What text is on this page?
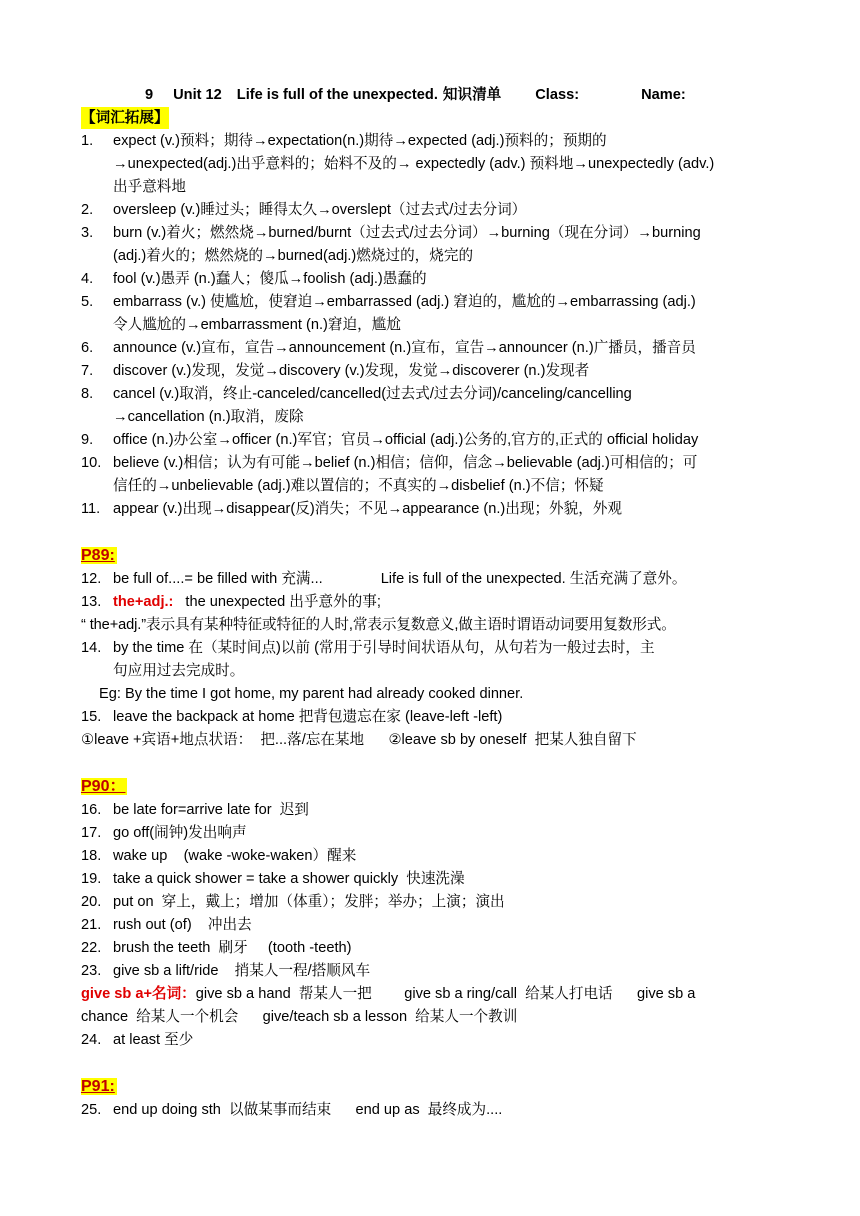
9 Unit 12 Life is full of the unexpected. 知识清单 Class:	Name:
【词汇拓展】
1. expect (v.)预料；期待→expectation(n.)期待→expected (adj.)预料的；预期的
→unexpected(adj.)出乎意料的；始料不及的→ expectedly (adv.) 预料地→unexpectedly (adv.)
出乎意料地
2. oversleep (v.)睡过头；睡得太久→overslept（过去式/过去分词）
3. burn (v.)着火；燃然烧→burned/burnt（过去式/过去分词）→burning（现在分词）→burning
(adj.)着火的；燃然烧的→burned(adj.)燃烧过的，烧完的
4. fool (v.)愚弄 (n.)蠢人；傻瓜→foolish (adj.)愚蠢的
5. embarrass (v.) 使尴尬，使窘迫→embarrassed (adj.) 窘迫的，尴尬的→embarrassing (adj.)
令人尴尬的→embarrassment (n.)窘迫，尴尬
6. announce (v.)宣布，宣告→announcement (n.)宣布，宣告→announcer (n.)广播员，播音员
7. discover (v.)发现，发觉→discovery (v.)发现，发觉→discoverer (n.)发现者
8. cancel (v.)取消，终止-canceled/cancelled(过去式/过去分词)/canceling/cancelling
→cancellation (n.)取消，废除
9. office (n.)办公室→officer (n.)军官；官员→official (adj.)公务的,官方的,正式的 official holiday
10. believe (v.)相信；认为有可能→belief (n.)相信；信仰，信念→believable (adj.)可相信的；可
信任的→unbelievable (adj.)难以置信的；不真实的→disbelief (n.)不信；怀疑
11. appear (v.)出现→disappear(反)消失；不见→appearance (n.)出现；外貌，外观
P89:
12. be full of....= be filled with 充满...	Life is full of the unexpected. 生活充满了意外。
13. the+adj.: the unexpected 出乎意外的事;
“ the+adj.”表示具有某种特征或特征的人时,常表示复数意义,做主语时谓语动词要用复数形式。
14. by the time 在（某时间点)以前 (常用于引导时间状语从句，从句若为一般过去时，主
句应用过去完成时。
Eg: By the time I got home, my parent had already cooked dinner.
15. leave the backpack at home 把背包遗忘在家 (leave-left -left)
①leave +宾语+地点状语：  把...落/忘在某地      ②leave sb by oneself  把某人独自留下
P90：
16. be late for=arrive late for  迟到
17. go off(闹钟)发出响声
18. wake up    (wake -woke-waken）醒来
19. take a quick shower = take a shower quickly  快速洗澡
20. put on  穿上，戴上；增加（体重）；发胖；举办；上演；演出
21. rush out (of)    冲出去
22. brush the teeth  刷牙     (tooth -teeth)
23. give sb a lift/ride    捎某人一程/搭顺风车
give sb a+名词：give sb a hand  帮某人一把        give sb a ring/call  给某人打电话      give sb a
chance  给某人一个机会      give/teach sb a lesson  给某人一个教训
24. at least 至少
P91:
25. end up doing sth  以做某事而结束      end up as  最终成为....
